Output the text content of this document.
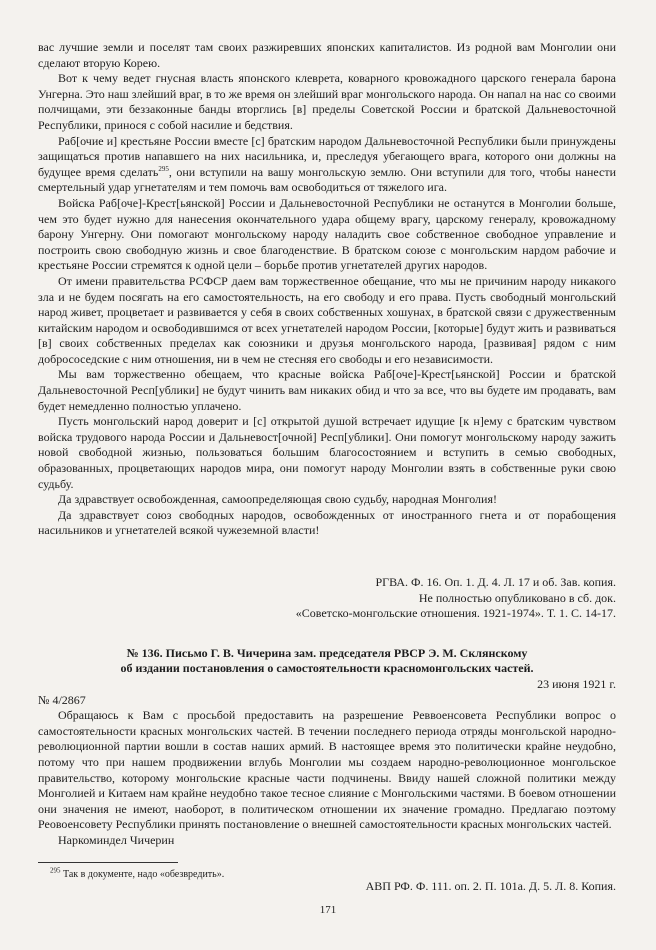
вас лучшие земли и поселят там своих разжиревших японских капиталистов. Из родной вам Монголии они сделают вторую Корею.

Вот к чему ведет гнусная власть японского клеврета, коварного кровожадного царского генерала барона Унгерна. Это наш злейший враг, в то же время он злейший враг монгольского народа. Он напал на нас со своими полчищами, эти беззаконные банды вторглись [в] пределы Советской России и братской Дальневосточной Республики, принося с собой насилие и бедствия.

Раб[очие и] крестьяне России вместе [с] братским народом Дальневосточной Республики были принуждены защищаться против напавшего на них насильника, и, преследуя убегающего врага, которого они должны на будущее время сделать$^{295}$, они вступили на вашу монгольскую землю. Они вступили для того, чтобы нанести смертельный удар угнетателям и тем помочь вам освободиться от тяжелого ига.

Войска Раб[оче]-Крест[ьянской] России и Дальневосточной Республики не останутся в Монголии больше, чем это будет нужно для нанесения окончательного удара общему врагу, царскому генералу, кровожадному барону Унгерну. Они помогают монгольскому народу наладить свое собственное свободное управление и построить свою свободную жизнь и свое благоденствие. В братском союзе с монгольским нардом рабочие и крестьяне России стремятся к одной цели – борьбе против угнетателей других народов.

От имени правительства РСФСР даем вам торжественное обещание, что мы не причиним народу никакого зла и не будем посягать на его самостоятельность, на его свободу и его права. Пусть свободный монгольский народ живет, процветает и развивается у себя в своих собственных хошунах, в братской связи с дружественным китайским народом и освободившимся от всех угнетателей народом России, [которые] будут жить и развиваться [в] своих собственных пределах как союзники и друзья монгольского народа, [развивая] рядом с ним добрососедские с ним отношения, ни в чем не стесняя его свободы и его независимости.

Мы вам торжественно обещаем, что красные войска Раб[оче]-Крест[ьянской] России и братской Дальневосточной Респ[ублики] не будут чинить вам никаких обид и что за все, что вы будете им продавать, вам будет немедленно полностью уплачено.

Пусть монгольский народ доверит и [с] открытой душой встречает идущие [к н]ему с братским чувством войска трудового народа России и Дальневост[очной] Респ[ублики]. Они помогут монгольскому народу зажить новой свободной жизнью, пользоваться большим благосостоянием и вступить в семью свободных, образованных, процветающих народов мира, они помогут народу Монголии взять в собственные руки свою судьбу.

Да здравствует освобожденная, самоопределяющая свою судьбу, народная Монголия!

Да здравствует союз свободных народов, освобожденных от иностранного гнета и от порабощения насильников и угнетателей всякой чужеземной власти!

РГВА. Ф. 16. Оп. 1. Д. 4. Л. 17 и об. Зав. копия.
Не полностью опубликовано в сб. док.
«Советско-монгольские отношения. 1921-1974». Т. 1. С. 14-17.
№ 136. Письмо Г. В. Чичерина зам. председателя РВСР Э. М. Склянскому
об издании постановления о самостоятельности красномонгольских частей.
23 июня 1921 г.
№ 4/2867

Обращаюсь к Вам с просьбой предоставить на разрешение Реввоенсовета Республики вопрос о самостоятельности красных монгольских частей. В течении последнего периода отряды монгольской народно-революционной партии вошли в состав наших армий. В настоящее время это политически крайне неудобно, потому что при нашем продвижении вглубь Монголии мы создаем народно-революционное монгольское правительство, которому монгольские красные части подчинены. Ввиду нашей сложной политики между Монголией и Китаем нам крайне неудобно такое тесное слияние с Монгольскими частями. В боевом отношении они значения не имеют, наоборот, в политическом отношении их значение громадно. Предлагаю поэтому Реовоенсовету Республики принять постановление о внешней самостоятельности красных монгольских частей.

Наркоминдел Чичерин
АВП РФ. Ф. 111. оп. 2. П. 101а. Д. 5. Л. 8. Копия.
$^{295}$ Так в документе, надо «обезвредить».
171
